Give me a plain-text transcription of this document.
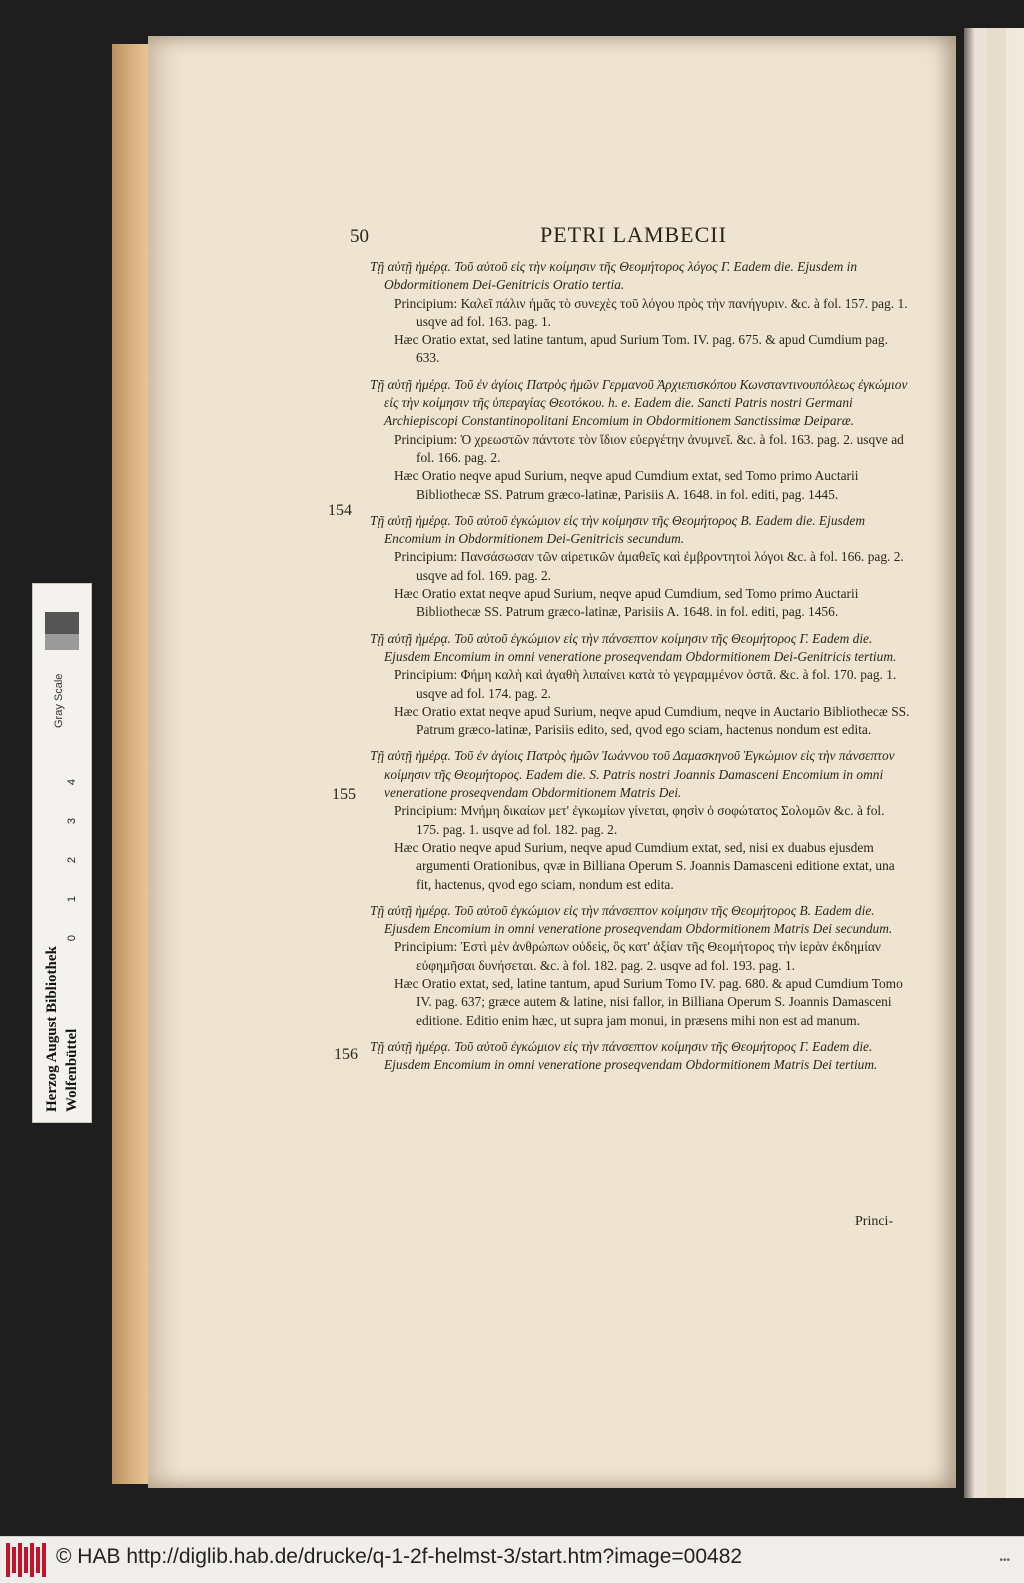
Gray Scale
0
1
2
3
4
Herzog August Bibliothek Wolfenbüttel
50	PETRI LAMBECII
154
155
156
Τῇ αὐτῇ ἡμέρᾳ. Τοῦ αὐτοῦ εἰς τὴν κοίμησιν τῆς Θεομήτορος λόγος Γ. Eadem die. Ejusdem in Obdormitionem Dei-Genitricis Oratio tertia.
Principium: Καλεῖ πάλιν ἡμᾶς τὸ συνεχὲς τοῦ λόγου πρὸς τὴν πανήγυριν. &c. à fol. 157. pag. 1. usqve ad fol. 163. pag. 1.
Hæc Oratio extat, sed latine tantum, apud Surium Tom. IV. pag. 675. & apud Cumdium pag. 633.
Τῇ αὐτῇ ἡμέρᾳ. Τοῦ ἐν ἁγίοις Πατρὸς ἡμῶν Γερμανοῦ Ἀρχιεπισκόπου Κωνσταντινουπόλεως ἐγκώμιον εἰς τὴν κοίμησιν τῆς ὑπεραγίας Θεοτόκου. h. e. Eadem die. Sancti Patris nostri Germani Archiepiscopi Constantinopolitani Encomium in Obdormitionem Sanctissimæ Deiparæ.
Principium: Ὁ χρεωστῶν πάντοτε τὸν ἴδιον εὐεργέτην ἀνυμνεῖ. &c. à fol. 163. pag. 2. usqve ad fol. 166. pag. 2.
Hæc Oratio neqve apud Surium, neqve apud Cumdium extat, sed Tomo primo Auctarii Bibliothecæ SS. Patrum græco-latinæ, Parisiis A. 1648. in fol. editi, pag. 1445.
Τῇ αὐτῇ ἡμέρᾳ. Τοῦ αὐτοῦ ἐγκώμιον εἰς τὴν κοίμησιν τῆς Θεομήτορος Β. Eadem die. Ejusdem Encomium in Obdormitionem Dei-Genitricis secundum.
Principium: Πανσάσωσαν τῶν αἱρετικῶν ἀμαθεῖς καὶ ἐμβροντητοὶ λόγοι &c. à fol. 166. pag. 2. usqve ad fol. 169. pag. 2.
Hæc Oratio extat neqve apud Surium, neqve apud Cumdium, sed Tomo primo Auctarii Bibliothecæ SS. Patrum græco-latinæ, Parisiis A. 1648. in fol. editi, pag. 1456.
Τῇ αὐτῇ ἡμέρᾳ. Τοῦ αὐτοῦ ἐγκώμιον εἰς τὴν πάνσεπτον κοίμησιν τῆς Θεομήτορος Γ. Eadem die. Ejusdem Encomium in omni veneratione proseqvendam Obdormitionem Dei-Genitricis tertium.
Principium: Φήμη καλὴ καὶ ἀγαθὴ λιπαίνει κατὰ τὸ γεγραμμένον ὀστᾶ. &c. à fol. 170. pag. 1. usqve ad fol. 174. pag. 2.
Hæc Oratio extat neqve apud Surium, neqve apud Cumdium, neqve in Auctario Bibliothecæ SS. Patrum græco-latinæ, Parisiis edito, sed, qvod ego sciam, hactenus nondum est edita.
Τῇ αὐτῇ ἡμέρᾳ. Τοῦ ἐν ἁγίοις Πατρὸς ἡμῶν Ἰωάννου τοῦ Δαμασκηνοῦ Ἐγκώμιον εἰς τὴν πάνσεπτον κοίμησιν τῆς Θεομήτορος. Eadem die. S. Patris nostri Joannis Damasceni Encomium in omni veneratione proseqvendam Obdormitionem Matris Dei.
Principium: Μνήμη δικαίων μετ' ἐγκωμίων γίνεται, φησὶν ὁ σοφώτατος Σολομῶν &c. à fol. 175. pag. 1. usqve ad fol. 182. pag. 2.
Hæc Oratio neqve apud Surium, neqve apud Cumdium extat, sed, nisi ex duabus ejusdem argumenti Orationibus, qvæ in Billiana Operum S. Joannis Damasceni editione extat, una fit, hactenus, qvod ego sciam, nondum est edita.
Τῇ αὐτῇ ἡμέρᾳ. Τοῦ αὐτοῦ ἐγκώμιον εἰς τὴν πάνσεπτον κοίμησιν τῆς Θεομήτορος Β. Eadem die. Ejusdem Encomium in omni veneratione proseqvendam Obdormitionem Matris Dei secundum.
Principium: Ἐστὶ μὲν ἀνθρώπων οὐδεὶς, ὃς κατ' ἀξίαν τῆς Θεομήτορος τὴν ἱερὰν ἐκδημίαν εὐφημῆσαι δυνήσεται. &c. à fol. 182. pag. 2. usqve ad fol. 193. pag. 1.
Hæc Oratio extat, sed, latine tantum, apud Surium Tomo IV. pag. 680. & apud Cumdium Tomo IV. pag. 637; græce autem & latine, nisi fallor, in Billiana Operum S. Joannis Damasceni editione. Editio enim hæc, ut supra jam monui, in præsens mihi non est ad manum.
Τῇ αὐτῇ ἡμέρᾳ. Τοῦ αὐτοῦ ἐγκώμιον εἰς τὴν πάνσεπτον κοίμησιν τῆς Θεομήτορος Γ. Eadem die. Ejusdem Encomium in omni veneratione proseqvendam Obdormitionem Matris Dei tertium.
Princi-
© HAB http://diglib.hab.de/drucke/q-1-2f-helmst-3/start.htm?image=00482	•••
